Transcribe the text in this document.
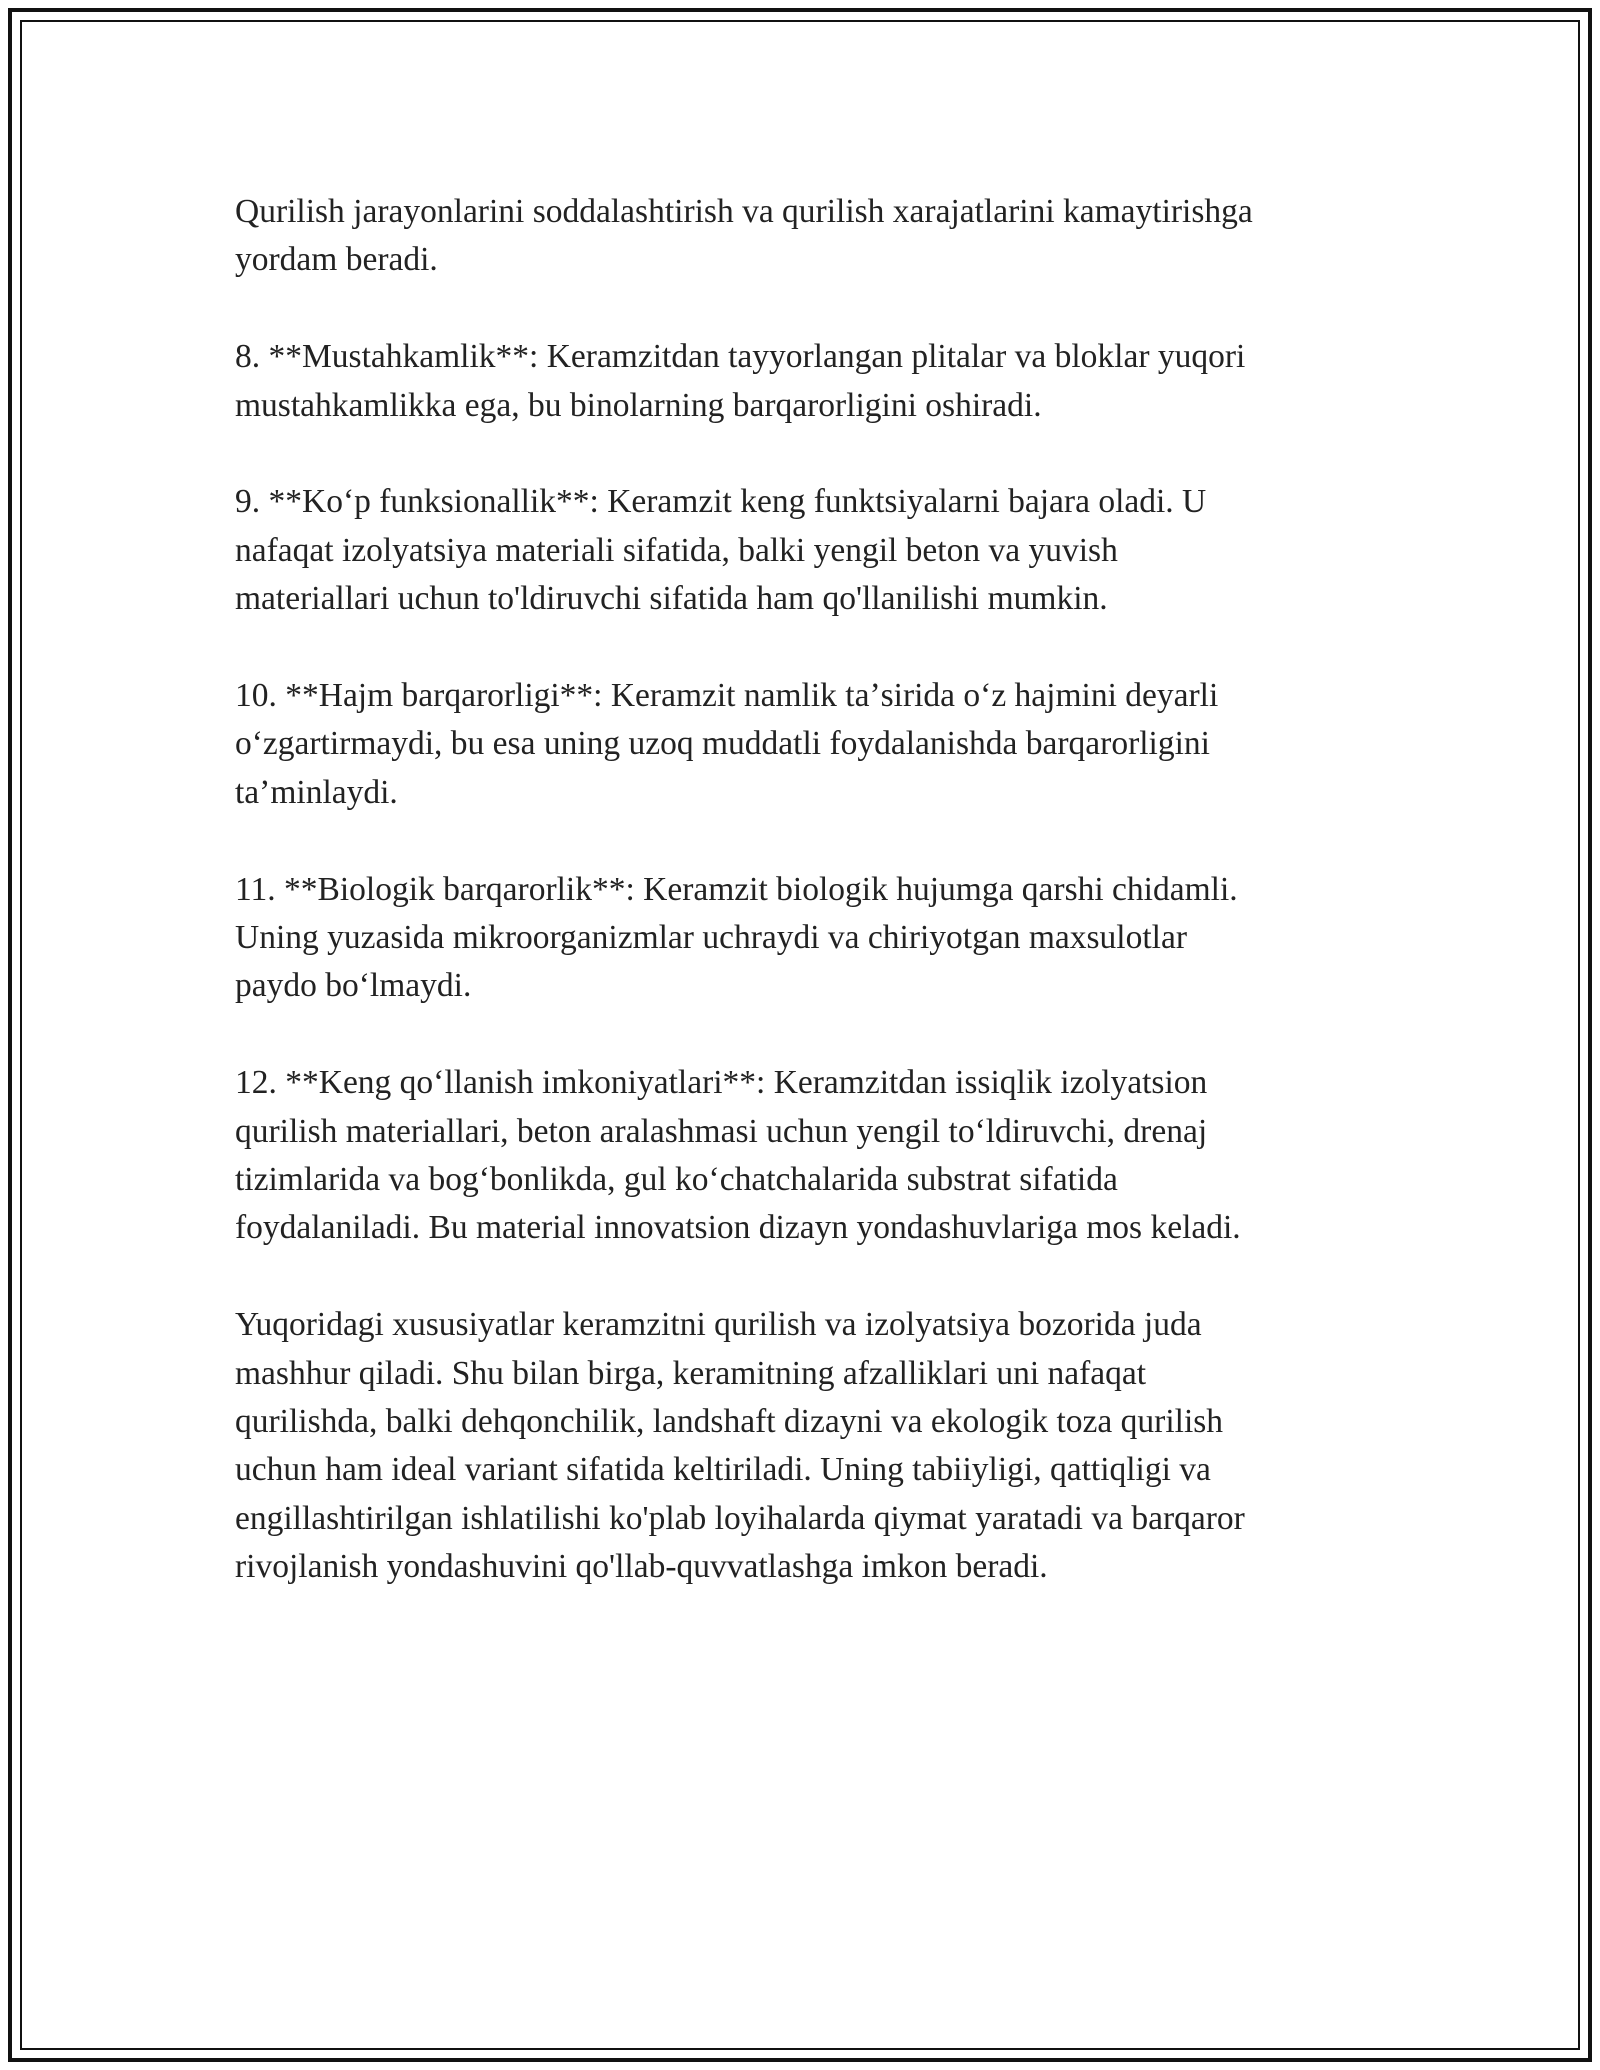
Qurilish jarayonlarini soddalashtirish va qurilish xarajatlarini kamaytirishga
yordam beradi.

8. **Mustahkamlik**: Keramzitdan tayyorlangan plitalar va bloklar yuqori
mustahkamlikka ega, bu binolarning barqarorligini oshiradi.

9. **Koʻp funksionallik**: Keramzit keng funktsiyalarni bajara oladi. U
nafaqat izolyatsiya materiali sifatida, balki yengil beton va yuvish
materiallari uchun to'ldiruvchi sifatida ham qo'llanilishi mumkin.

10. **Hajm barqarorligi**: Keramzit namlik taʼsirida oʻz hajmini deyarli
oʻzgartirmaydi, bu esa uning uzoq muddatli foydalanishda barqarorligini
taʼminlaydi.

11. **Biologik barqarorlik**: Keramzit biologik hujumga qarshi chidamli.
Uning yuzasida mikroorganizmlar uchraydi va chiriyotgan maxsulotlar
paydo boʻlmaydi.

12. **Keng qoʻllanish imkoniyatlari**: Keramzitdan issiqlik izolyatsion
qurilish materiallari, beton aralashmasi uchun yengil toʻldiruvchi, drenaj
tizimlarida va bogʻbonlikda, gul koʻchatchalarida substrat sifatida
foydalaniladi. Bu material innovatsion dizayn yondashuvlariga mos keladi.

Yuqoridagi xususiyatlar keramzitni qurilish va izolyatsiya bozorida juda
mashhur qiladi. Shu bilan birga, keramitning afzalliklari uni nafaqat
qurilishda, balki dehqonchilik, landshaft dizayni va ekologik toza qurilish
uchun ham ideal variant sifatida keltiriladi. Uning tabiiyligi, qattiqligi va
engillashtirilgan ishlatilishi ko'plab loyihalarda qiymat yaratadi va barqaror
rivojlanish yondashuvini qo'llab-quvvatlashga imkon beradi.
